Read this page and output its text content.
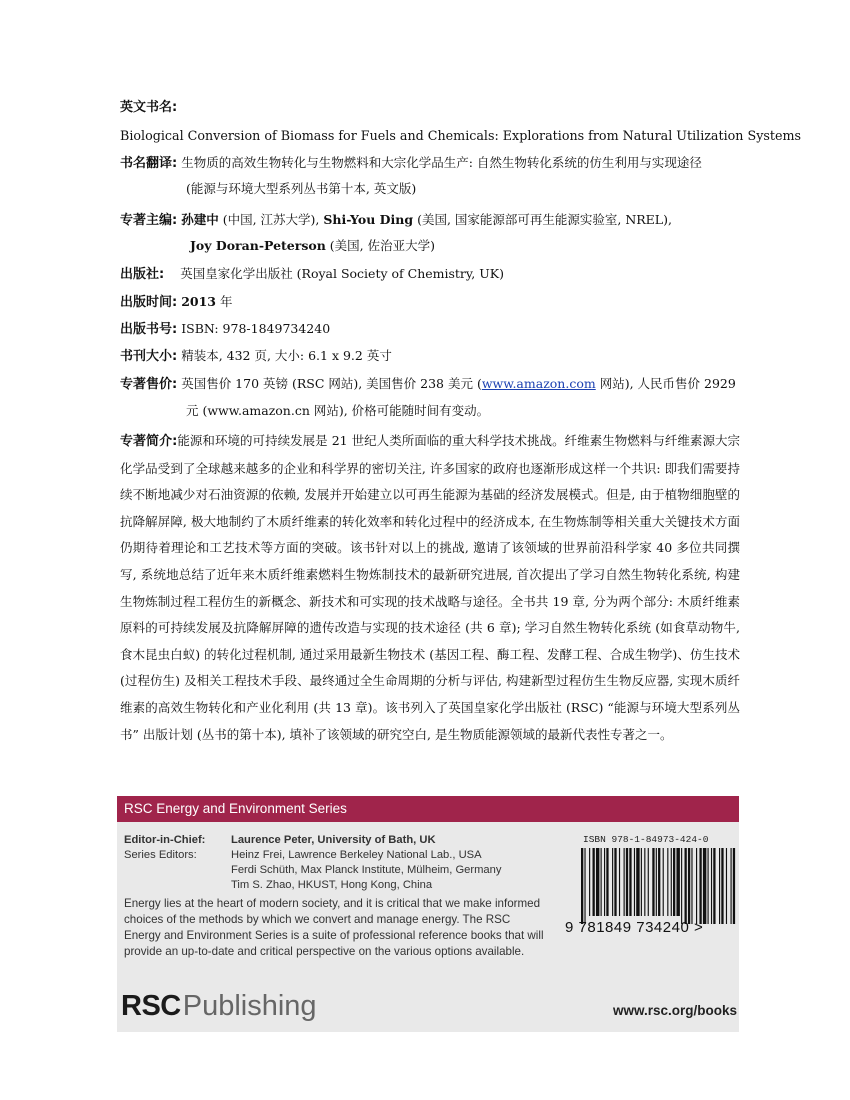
英文书名:
Biological Conversion of Biomass for Fuels and Chemicals: Explorations from Natural Utilization Systems
书名翻译: 生物质的高效生物转化与生物燃料和大宗化学品生产: 自然生物转化系统的仿生利用与实现途径
(能源与环境大型系列丛书第十本, 英文版)
专著主编: 孙建中 (中国, 江苏大学), Shi-You Ding (美国, 国家能源部可再生能源实验室, NREL),
Joy Doran-Peterson (美国, 佐治亚大学)
出版社: 英国皇家化学出版社 (Royal Society of Chemistry, UK)
出版时间: 2013 年
出版书号: ISBN: 978-1849734240
书刊大小: 精装本, 432 页, 大小: 6.1 x 9.2 英寸
专著售价: 英国售价 170 英镑 (RSC 网站), 美国售价 238 美元 (www.amazon.com 网站), 人民币售价 2929
元 (www.amazon.cn 网站), 价格可能随时间有变动。
专著简介:能源和环境的可持续发展是 21 世纪人类所面临的重大科学技术挑战。纤维素生物燃料与纤维素源大宗化学品受到了全球越来越多的企业和科学界的密切关注, 许多国家的政府也逐渐形成这样一个共识: 即我们需要持续不断地减少对石油资源的依赖, 发展并开始建立以可再生能源为基础的经济发展模式。但是, 由于植物细胞壁的抗降解屏障, 极大地制约了木质纤维素的转化效率和转化过程中的经济成本, 在生物炼制等相关重大关键技术方面仍期待着理论和工艺技术等方面的突破。该书针对以上的挑战, 邀请了该领域的世界前沿科学家 40 多位共同撰写, 系统地总结了近年来木质纤维素燃料生物炼制技术的最新研究进展, 首次提出了学习自然生物转化系统, 构建生物炼制过程工程仿生的新概念、新技术和可实现的技术战略与途径。全书共 19 章, 分为两个部分: 木质纤维素原料的可持续发展及抗降解屏障的遗传改造与实现的技术途径 (共 6 章); 学习自然生物转化系统 (如食草动物牛, 食木昆虫白蚁) 的转化过程机制, 通过采用最新生物技术 (基因工程、酶工程、发酵工程、合成生物学)、仿生技术 (过程仿生) 及相关工程技术手段、最终通过全生命周期的分析与评估, 构建新型过程仿生生物反应器, 实现木质纤维素的高效生物转化和产业化利用 (共 13 章)。该书列入了英国皇家化学出版社 (RSC) “能源与环境大型系列丛书” 出版计划 (丛书的第十本), 填补了该领域的研究空白, 是生物质能源领域的最新代表性专著之一。
RSC Energy and Environment Series
Editor-in-Chief: Laurence Peter, University of Bath, UK
Series Editors:	Heinz Frei, Lawrence Berkeley National Lab., USA
Ferdi Schüth, Max Planck Institute, Mülheim, Germany
Tim S. Zhao, HKUST, Hong Kong, China
Energy lies at the heart of modern society, and it is critical that we make informed choices of the methods by which we convert and manage energy. The RSC Energy and Environment Series is a suite of professional reference books that will provide an up-to-date and critical perspective on the various options available.
ISBN 978-1-84973-424-0
9 781849 734240 >
RSCPublishing	www.rsc.org/books
